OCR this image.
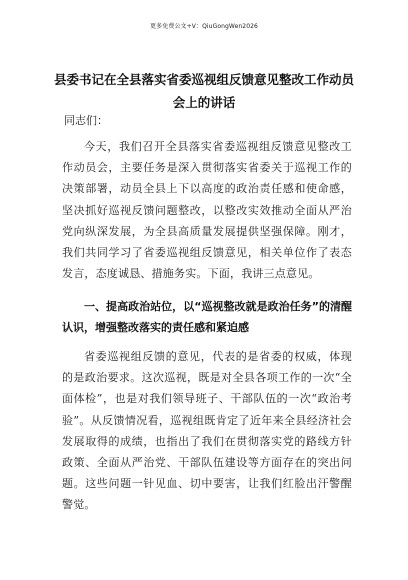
更多免费公文+V：QiuGongWen2026
县委书记在全县落实省委巡视组反馈意见整改工作动员会上的讲话
同志们：
今天，我们召开全县落实省委巡视组反馈意见整改工作动员会，主要任务是深入贯彻落实省委关于巡视工作的决策部署，动员全县上下以高度的政治责任感和使命感，坚决抓好巡视反馈问题整改，以整改实效推动全面从严治党向纵深发展，为全县高质量发展提供坚强保障。刚才，我们共同学习了省委巡视组反馈意见，相关单位作了表态发言，态度诚恳、措施务实。下面，我讲三点意见。
一、提高政治站位，以“巡视整改就是政治任务”的清醒认识，增强整改落实的责任感和紧迫感
省委巡视组反馈的意见，代表的是省委的权威，体现的是政治要求。这次巡视，既是对全县各项工作的一次“全面体检”，也是对我们领导班子、干部队伍的一次“政治考验”。从反馈情况看，巡视组既肯定了近年来全县经济社会发展取得的成绩，也指出了我们在贯彻落实党的路线方针政策、全面从严治党、干部队伍建设等方面存在的突出问题。这些问题一针见血、切中要害，让我们红脸出汗警醒警觉。
